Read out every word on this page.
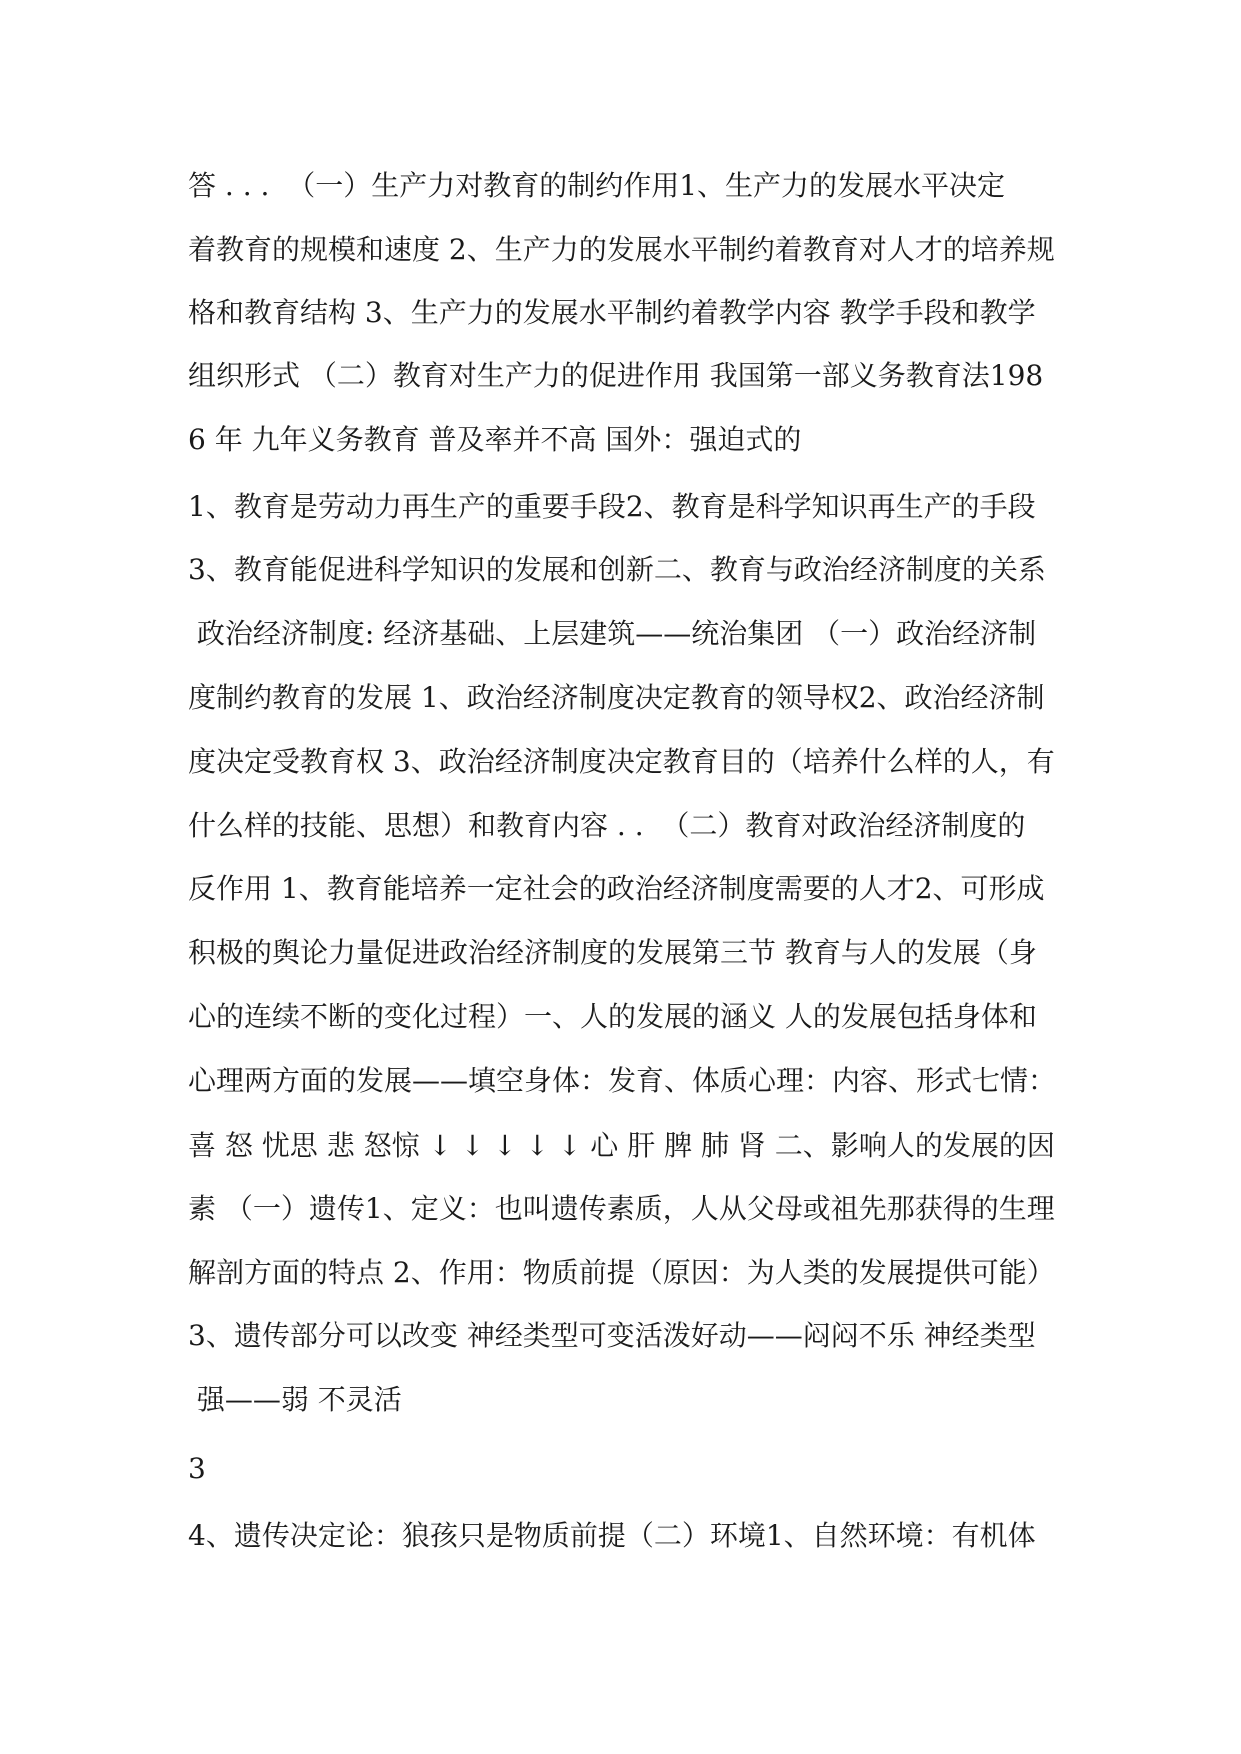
答 . . .  （一）生产力对教育的制约作用1、生产力的发展水平决定

着教育的规模和速度 2、生产力的发展水平制约着教育对人才的培养规

格和教育结构 3、生产力的发展水平制约着教学内容 教学手段和教学

组织形式 （二）教育对生产力的促进作用 我国第一部义务教育法198

6 年 九年义务教育 普及率并不高 国外：强迫式的

1、教育是劳动力再生产的重要手段2、教育是科学知识再生产的手段

3、教育能促进科学知识的发展和创新二、教育与政治经济制度的关系

政治经济制度: 经济基础、上层建筑——统治集团 （一）政治经济制

度制约教育的发展 1、政治经济制度决定教育的领导权2、政治经济制

度决定受教育权 3、政治经济制度决定教育目的（培养什么样的人，有

什么样的技能、思想）和教育内容 . .  （二）教育对政治经济制度的

反作用 1、教育能培养一定社会的政治经济制度需要的人才2、可形成

积极的舆论力量促进政治经济制度的发展第三节 教育与人的发展（身

心的连续不断的变化过程）一、人的发展的涵义 人的发展包括身体和

心理两方面的发展——填空身体：发育、体质心理：内容、形式七情：

喜 怒 忧思 悲 怒惊 ↓ ↓ ↓ ↓ ↓ 心 肝 脾 肺 肾 二、影响人的发展的因

素 （一）遗传1、定义：也叫遗传素质，人从父母或祖先那获得的生理

解剖方面的特点 2、作用：物质前提（原因：为人类的发展提供可能）

3、遗传部分可以改变 神经类型可变活泼好动——闷闷不乐 神经类型

强——弱 不灵活

3

4、遗传决定论：狼孩只是物质前提（二）环境1、自然环境：有机体
